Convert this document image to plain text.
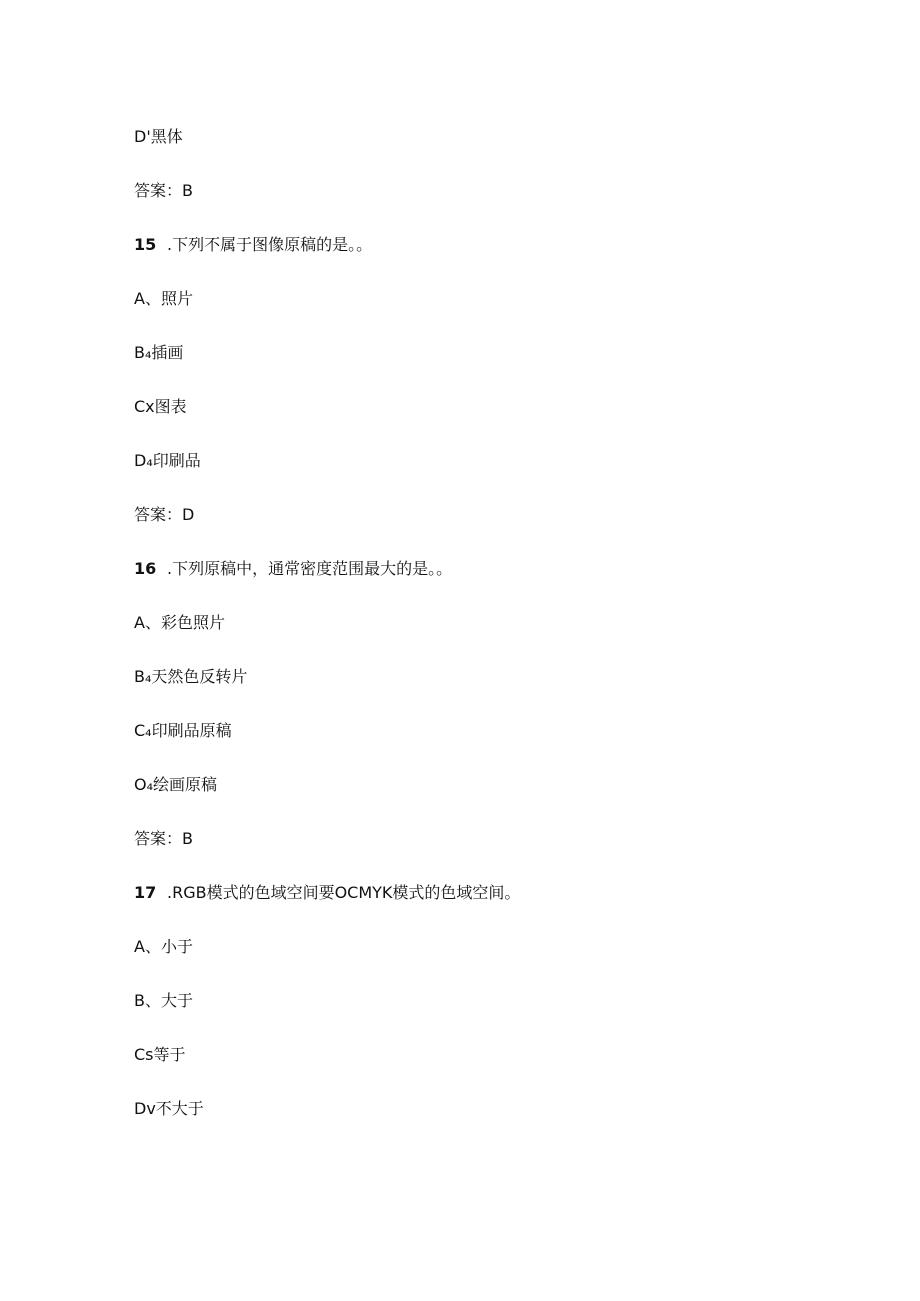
D'黑体
答案：B
15 .下列不属于图像原稿的是。。
A、照片
B₄插画
Cx图表
D₄印刷品
答案：D
16 .下列原稿中，通常密度范围最大的是。。
A、彩色照片
B₄天然色反转片
C₄印刷品原稿
O₄绘画原稿
答案：B
17 .RGB模式的色域空间要OCMYK模式的色域空间。
A、小于
B、大于
Cs等于
Dv不大于
